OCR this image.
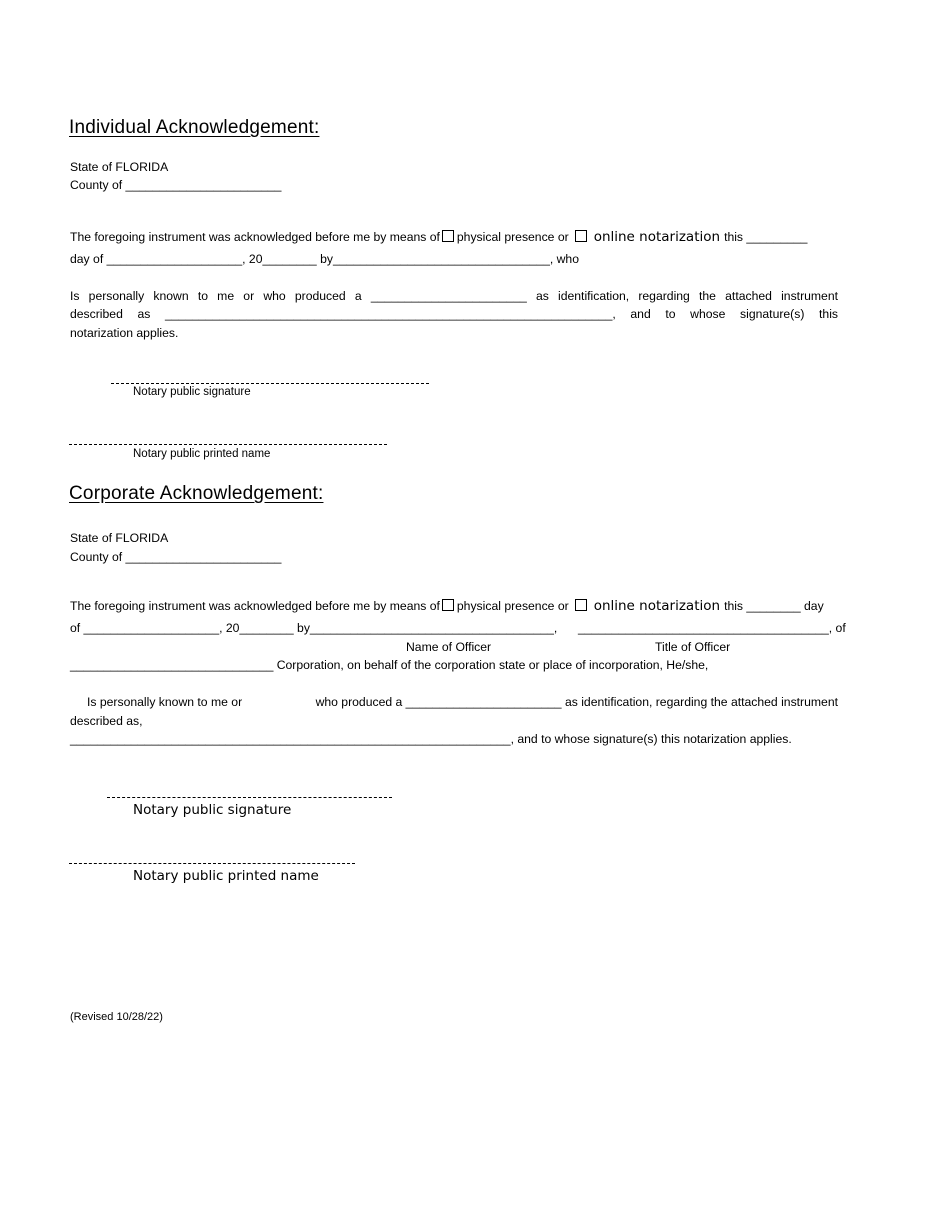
Individual Acknowledgement:
State of FLORIDA
County of _______________________
The foregoing instrument was acknowledged before me by means of physical presence or online notarization this _________
day of ____________________, 20________ by________________________________, who
Is personally known to me or who produced a _______________________ as identification, regarding the attached instrument
described as __________________________________________________________________, and to whose signature(s) this
notarization applies.
Notary public signature
Notary public printed name
Corporate Acknowledgement:
State of FLORIDA
County of _______________________
The foregoing instrument was acknowledged before me by means of physical presence or online notarization this ________ day
of ____________________, 20________ by____________________________________, _____________________________________, of
Name of Officer	Title of Officer
______________________________ Corporation, on behalf of the corporation state or place of incorporation, He/she,
Is personally known to me or	who produced a _______________________ as identification, regarding the attached instrument
described as,
_________________________________________________________________, and to whose signature(s) this notarization applies.
Notary public signature
Notary public printed name
(Revised 10/28/22)
